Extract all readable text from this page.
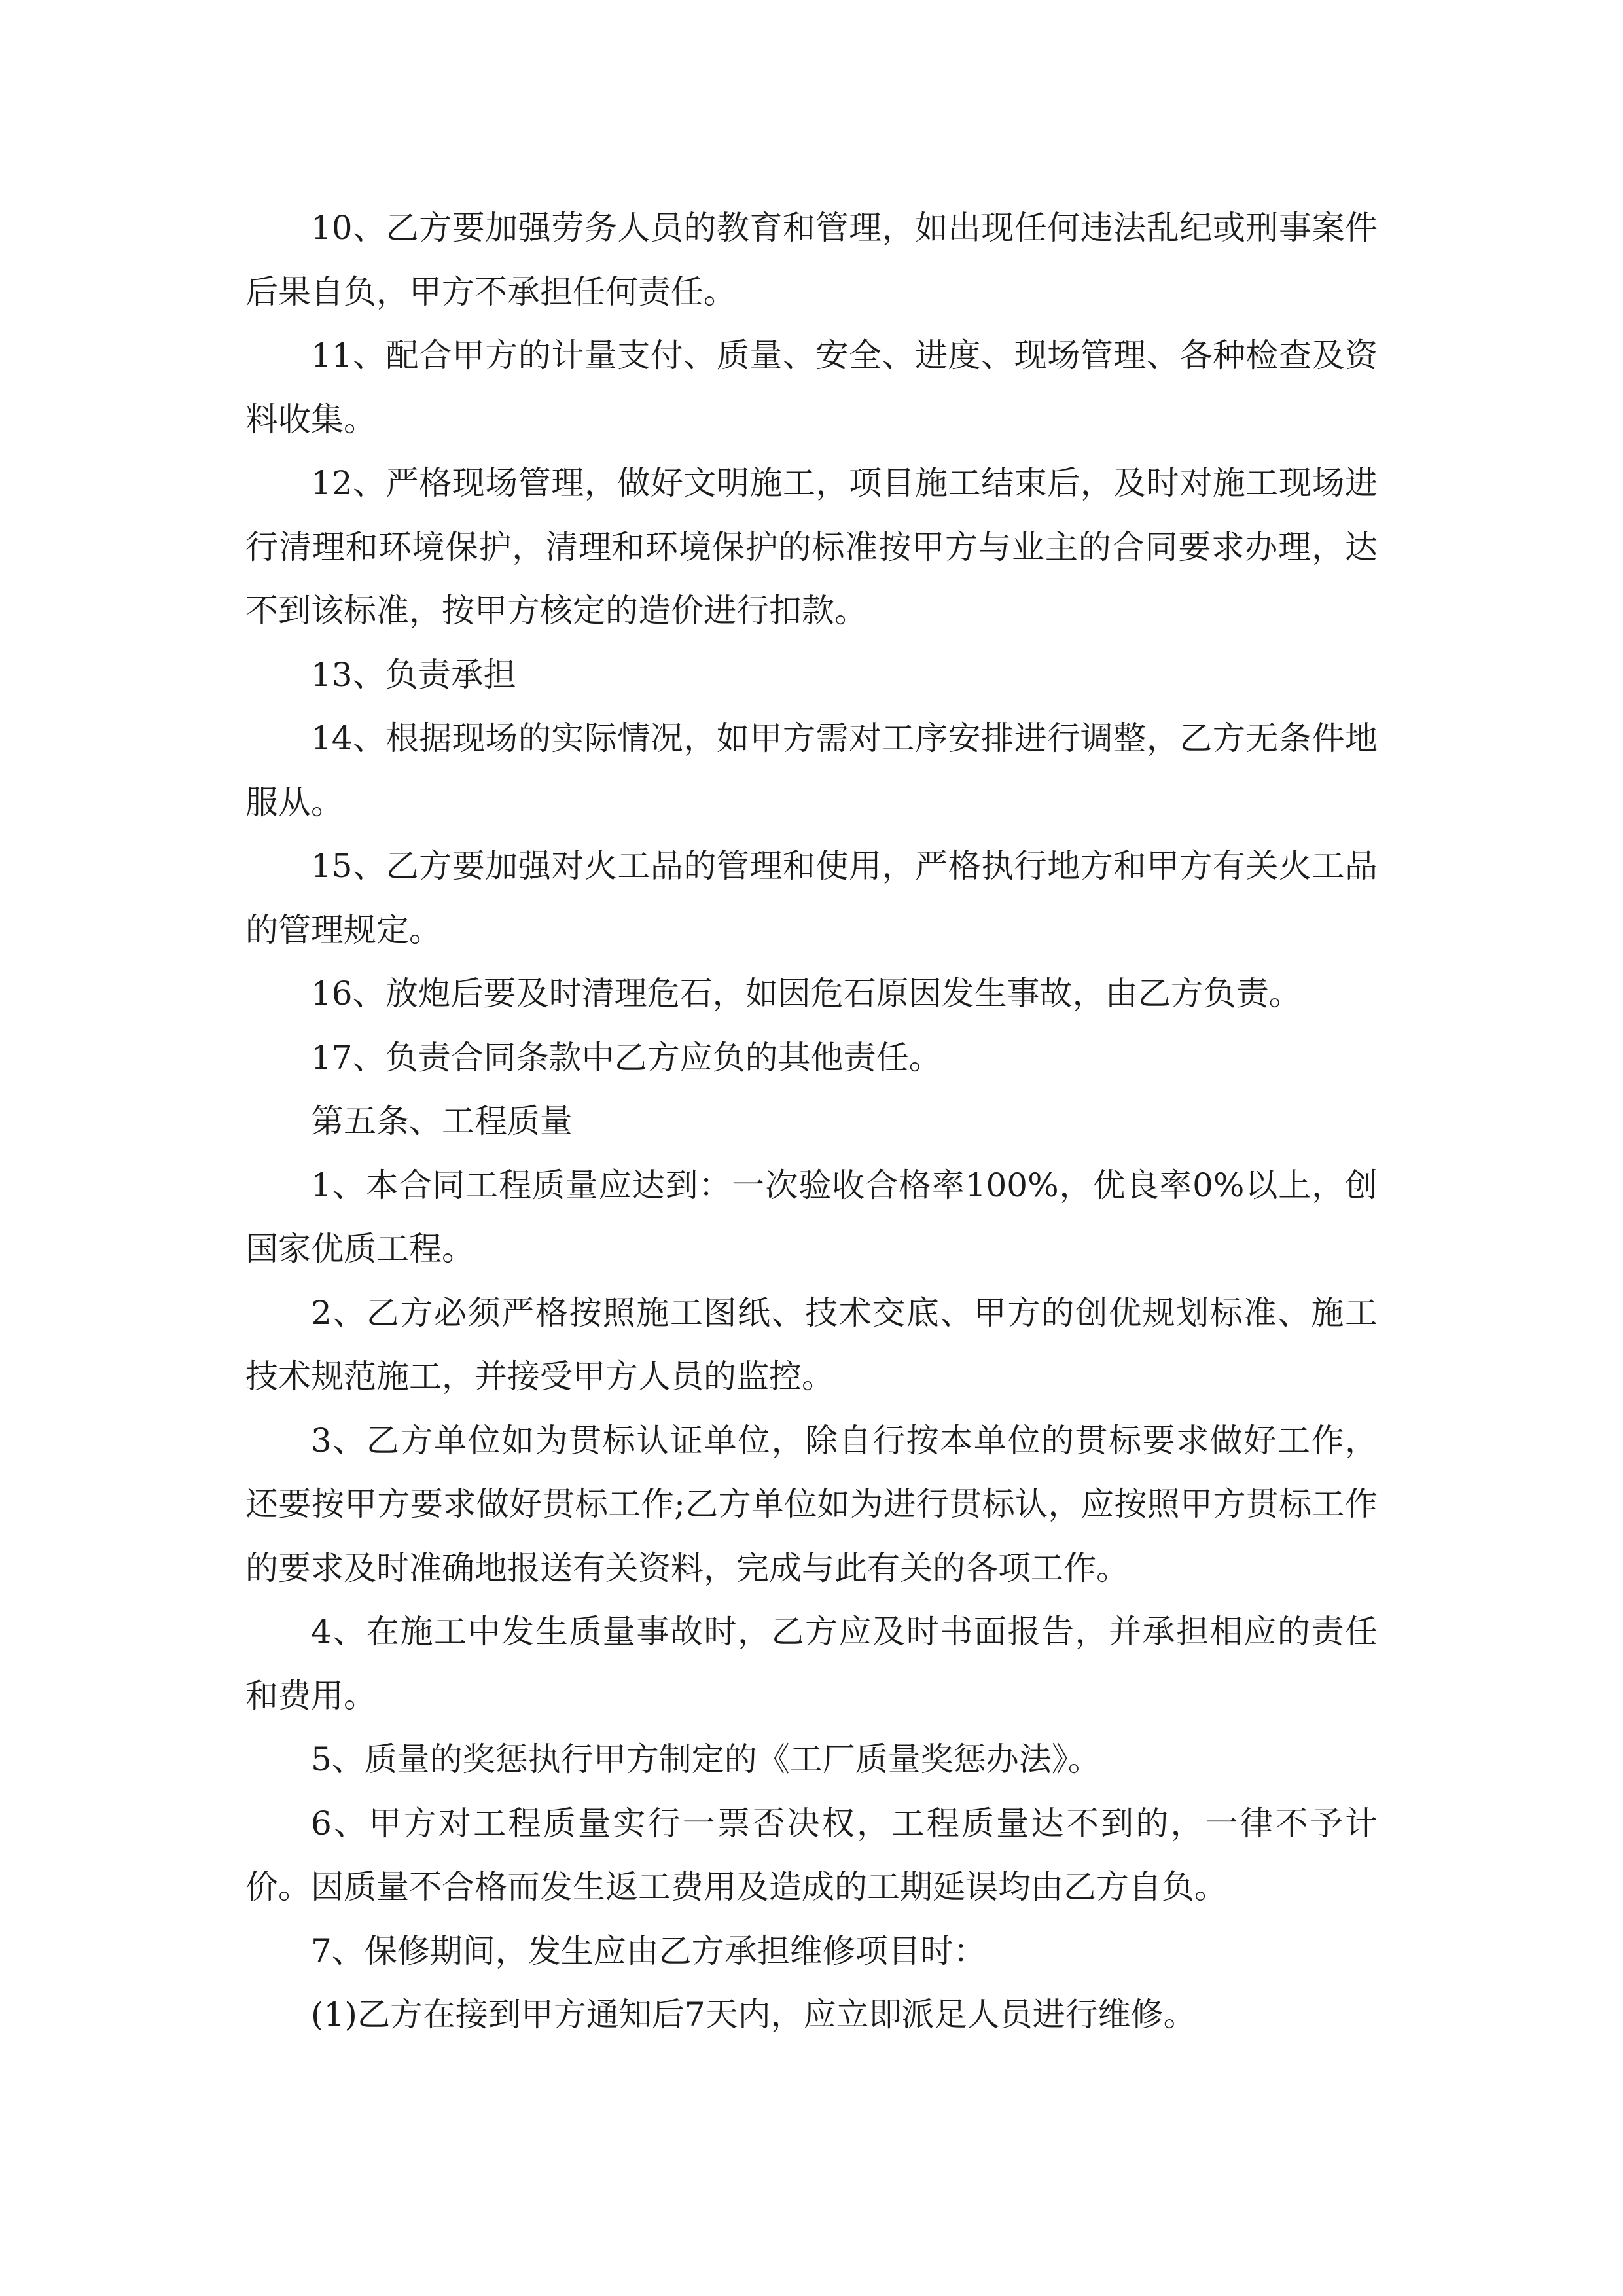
10、乙方要加强劳务人员的教育和管理，如出现任何违法乱纪或刑事案件后果自负，甲方不承担任何责任。

11、配合甲方的计量支付、质量、安全、进度、现场管理、各种检查及资料收集。

12、严格现场管理，做好文明施工，项目施工结束后，及时对施工现场进行清理和环境保护，清理和环境保护的标准按甲方与业主的合同要求办理，达不到该标准，按甲方核定的造价进行扣款。

13、负责承担

14、根据现场的实际情况，如甲方需对工序安排进行调整，乙方无条件地服从。

15、乙方要加强对火工品的管理和使用，严格执行地方和甲方有关火工品的管理规定。

16、放炮后要及时清理危石，如因危石原因发生事故，由乙方负责。

17、负责合同条款中乙方应负的其他责任。

第五条、工程质量

1、本合同工程质量应达到：一次验收合格率100%，优良率0%以上，创国家优质工程。

2、乙方必须严格按照施工图纸、技术交底、甲方的创优规划标准、施工技术规范施工，并接受甲方人员的监控。

3、乙方单位如为贯标认证单位，除自行按本单位的贯标要求做好工作，还要按甲方要求做好贯标工作;乙方单位如为进行贯标认，应按照甲方贯标工作的要求及时准确地报送有关资料，完成与此有关的各项工作。

4、在施工中发生质量事故时，乙方应及时书面报告，并承担相应的责任和费用。

5、质量的奖惩执行甲方制定的《工厂质量奖惩办法》。

6、甲方对工程质量实行一票否决权，工程质量达不到的，一律不予计价。因质量不合格而发生返工费用及造成的工期延误均由乙方自负。

7、保修期间，发生应由乙方承担维修项目时：

(1)乙方在接到甲方通知后7天内，应立即派足人员进行维修。
